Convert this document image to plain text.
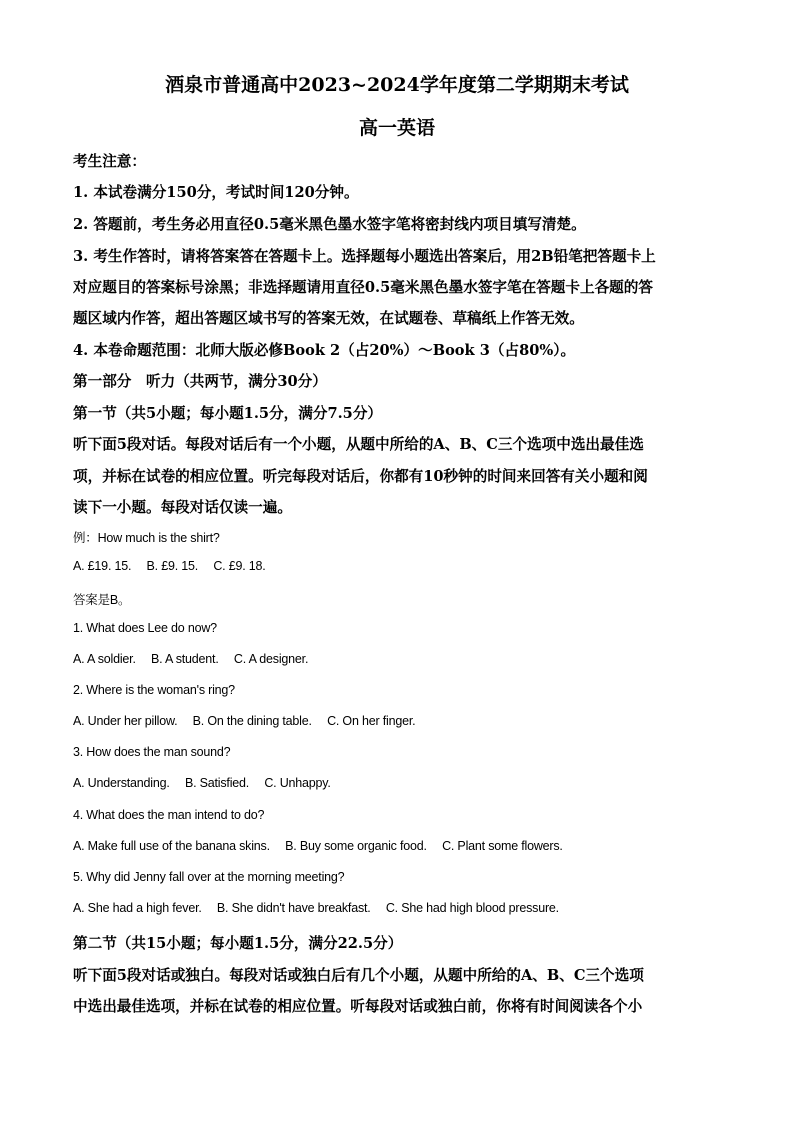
酒泉市普通高中2023~2024学年度第二学期期末考试
高一英语
考生注意：
1. 本试卷满分150分，考试时间120分钟。
2. 答题前，考生务必用直径0.5毫米黑色墨水签字笔将密封线内项目填写清楚。
3. 考生作答时，请将答案答在答题卡上。选择题每小题选出答案后，用2B铅笔把答题卡上
对应题目的答案标号涂黑；非选择题请用直径0.5毫米黑色墨水签字笔在答题卡上各题的答
题区域内作答，超出答题区域书写的答案无效，在试题卷、草稿纸上作答无效。
4. 本卷命题范围：北师大版必修Book 2（占20%）～Book 3（占80%）。
第一部分　听力（共两节，满分30分）
第一节（共5小题；每小题1.5分，满分7.5分）
听下面5段对话。每段对话后有一个小题，从题中所给的A、B、C三个选项中选出最佳选
项，并标在试卷的相应位置。听完每段对话后，你都有10秒钟的时间来回答有关小题和阅
读下一小题。每段对话仅读一遍。
例：How much is the shirt?
A. £19. 15. B. £9. 15. C. £9. 18.
答案是B。
1. What does Lee do now?
A. A soldier. B. A student. C. A designer.
2. Where is the woman's ring?
A. Under her pillow. B. On the dining table. C. On her finger.
3. How does the man sound?
A. Understanding. B. Satisfied. C. Unhappy.
4. What does the man intend to do?
A. Make full use of the banana skins. B. Buy some organic food. C. Plant some flowers.
5. Why did Jenny fall over at the morning meeting?
A. She had a high fever. B. She didn't have breakfast. C. She had high blood pressure.
第二节（共15小题；每小题1.5分，满分22.5分）
听下面5段对话或独白。每段对话或独白后有几个小题，从题中所给的A、B、C三个选项
中选出最佳选项，并标在试卷的相应位置。听每段对话或独白前，你将有时间阅读各个小
